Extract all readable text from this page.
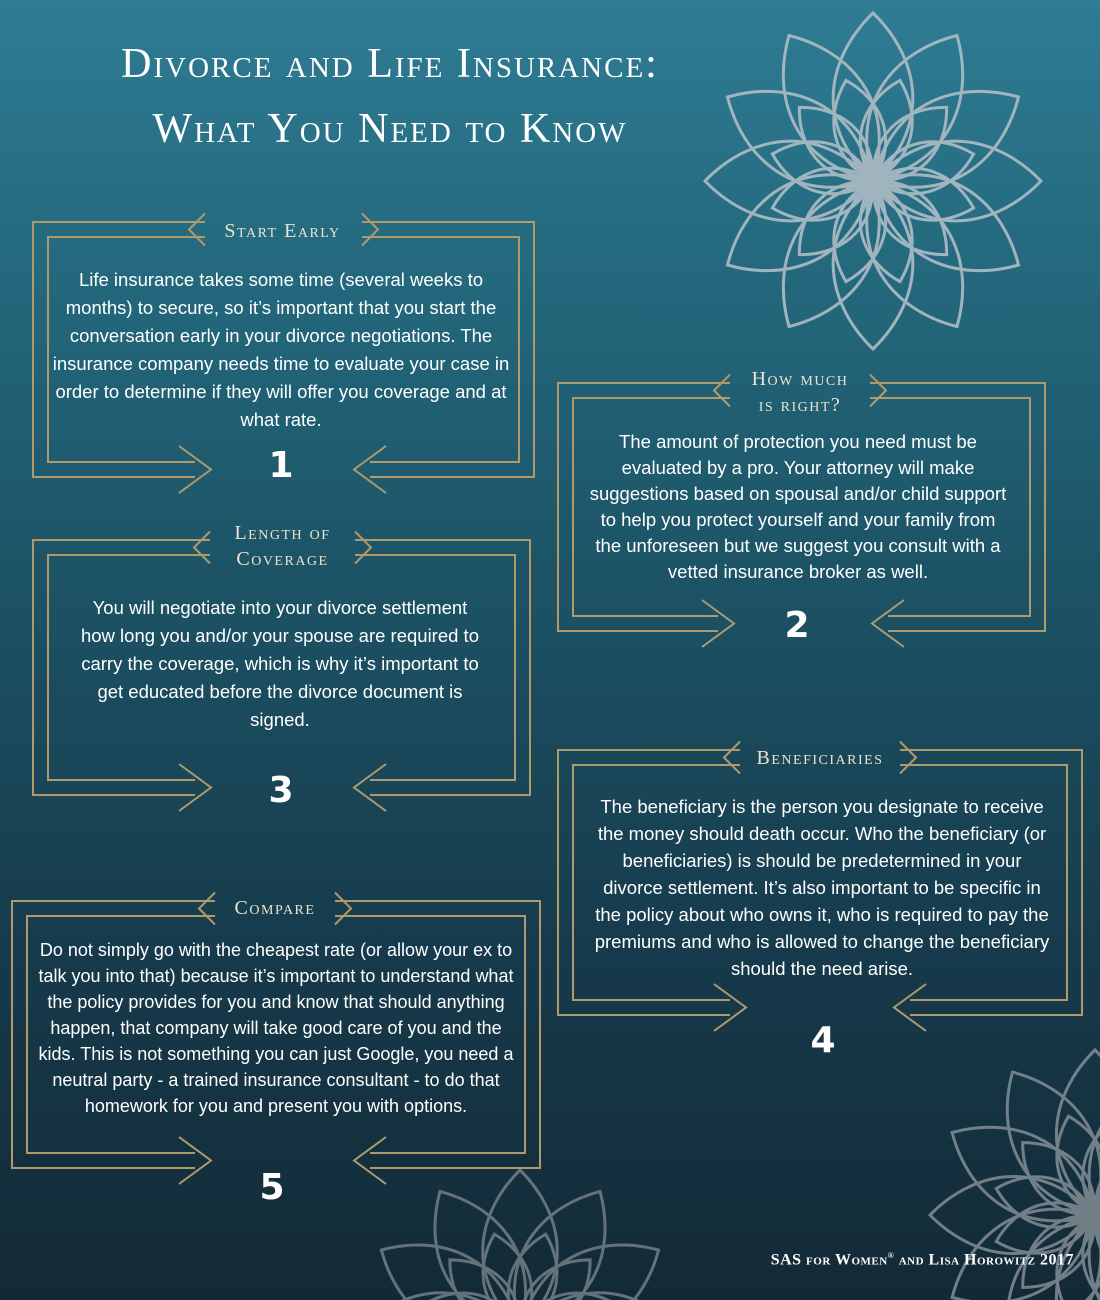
Divorce and Life Insurance:
What You Need to Know
Start Early
Life insurance takes some time (several weeks to months) to secure, so it’s important that you start the conversation early in your divorce negotiations. The insurance company needs time to evaluate your case in order to determine if they will offer you coverage and at what rate.
1
How much
is right?
The amount of protection you need must be evaluated by a pro. Your attorney will make suggestions based on spousal and/or child support to help you protect yourself and your family from the unforeseen but we suggest you consult with a vetted insurance broker as well.
2
Length of
Coverage
You will negotiate into your divorce settlement how long you and/or your spouse are required to carry the coverage, which is why it’s important to get educated before the divorce document is signed.
3
Beneficiaries
The beneficiary is the person you designate to receive the money should death occur. Who the beneficiary (or beneficiaries) is should be predetermined in your divorce settlement. It’s also important to be specific in the policy about who owns it, who is required to pay the premiums and who is allowed to change the beneficiary should the need arise.
4
Compare
Do not simply go with the cheapest rate (or allow your ex to talk you into that) because it’s important to understand what the policy provides for you and know that should anything happen, that company will take good care of you and the kids. This is not something you can just Google, you need a neutral party - a trained insurance consultant - to do that homework for you and present you with options.
5
SAS for Women® and Lisa Horowitz 2017
